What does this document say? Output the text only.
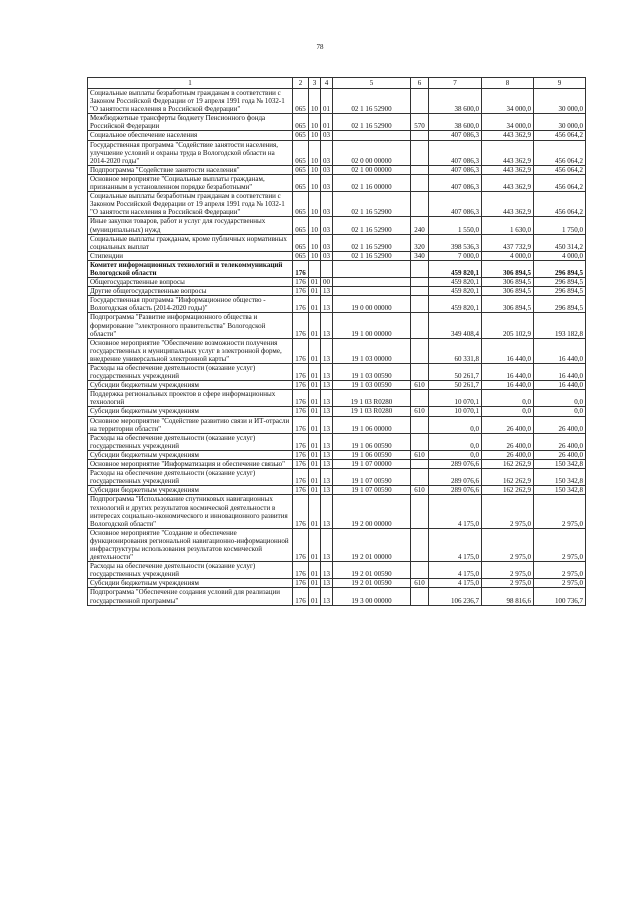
78
1	2	3	4	5	6	7	8	9
Социальные выплаты безработным гражданам в соответствии с Законом Российской Федерации от 19 апреля 1991 года № 1032-1 "О занятости населения в Российской Федерации"	065	10	01	02 1 16 52900		38 600,0	34 000,0	30 000,0
Межбюджетные трансферты бюджету Пенсионного фонда Российской Федерации	065	10	01	02 1 16 52900	570	38 600,0	34 000,0	30 000,0
Социальное обеспечение населения	065	10	03			407 086,3	443 362,9	456 064,2
Государственная программа "Содействие занятости населения, улучшение условий и охраны труда в Вологодской области на 2014-2020 годы"	065	10	03	02 0 00 00000		407 086,3	443 362,9	456 064,2
Подпрограмма "Содействие занятости населения"	065	10	03	02 1 00 00000		407 086,3	443 362,9	456 064,2
Основное мероприятие "Социальные выплаты гражданам, признанным в установленном порядке безработными"	065	10	03	02 1 16 00000		407 086,3	443 362,9	456 064,2
Социальные выплаты безработным гражданам в соответствии с Законом Российской Федерации от 19 апреля 1991 года № 1032-1 "О занятости населения в Российской Федерации"	065	10	03	02 1 16 52900		407 086,3	443 362,9	456 064,2
Иные закупки товаров, работ и услуг для государственных (муниципальных) нужд	065	10	03	02 1 16 52900	240	1 550,0	1 630,0	1 750,0
Социальные выплаты гражданам, кроме публичных нормативных социальных выплат	065	10	03	02 1 16 52900	320	398 536,3	437 732,9	450 314,2
Стипендии	065	10	03	02 1 16 52900	340	7 000,0	4 000,0	4 000,0
Комитет информационных технологий и телекоммуникаций Вологодской области	176					459 820,1	306 894,5	296 894,5
Общегосударственные вопросы	176	01	00			459 820,1	306 894,5	296 894,5
Другие общегосударственные вопросы	176	01	13			459 820,1	306 894,5	296 894,5
Государственная программа "Информационное общество - Вологодская область (2014-2020 годы)"	176	01	13	19 0 00 00000		459 820,1	306 894,5	296 894,5
Подпрограмма "Развитие информационного общества и формирование "электронного правительства" Вологодской области"	176	01	13	19 1 00 00000		349 408,4	205 102,9	193 182,8
Основное мероприятие "Обеспечение возможности получения государственных и муниципальных услуг в электронной форме, внедрение универсальной электронной карты"	176	01	13	19 1 03 00000		60 331,8	16 440,0	16 440,0
Расходы на обеспечение деятельности (оказание услуг) государственных учреждений	176	01	13	19 1 03 00590		50 261,7	16 440,0	16 440,0
Субсидии бюджетным учреждениям	176	01	13	19 1 03 00590	610	50 261,7	16 440,0	16 440,0
Поддержка региональных проектов в сфере информационных технологий	176	01	13	19 1 03 R0280		10 070,1	0,0	0,0
Субсидии бюджетным учреждениям	176	01	13	19 1 03 R0280	610	10 070,1	0,0	0,0
Основное мероприятие "Содействие развитию связи и ИТ-отрасли на территории области"	176	01	13	19 1 06 00000		0,0	26 400,0	26 400,0
Расходы на обеспечение деятельности (оказание услуг) государственных учреждений	176	01	13	19 1 06 00590		0,0	26 400,0	26 400,0
Субсидии бюджетным учреждениям	176	01	13	19 1 06 00590	610	0,0	26 400,0	26 400,0
Основное мероприятие "Информатизация и обеспечение связью"	176	01	13	19 1 07 00000		289 076,6	162 262,9	150 342,8
Расходы на обеспечение деятельности (оказание услуг) государственных учреждений	176	01	13	19 1 07 00590		289 076,6	162 262,9	150 342,8
Субсидии бюджетным учреждениям	176	01	13	19 1 07 00590	610	289 076,6	162 262,9	150 342,8
Подпрограмма "Использование спутниковых навигационных технологий и других результатов космической деятельности в интересах социально-экономического и инновационного развития Вологодской области"	176	01	13	19 2 00 00000		4 175,0	2 975,0	2 975,0
Основное мероприятие "Создание и обеспечение функционирования региональной навигационно-информационной инфраструктуры использования результатов космической деятельности"	176	01	13	19 2 01 00000		4 175,0	2 975,0	2 975,0
Расходы на обеспечение деятельности (оказание услуг) государственных учреждений	176	01	13	19 2 01 00590		4 175,0	2 975,0	2 975,0
Субсидии бюджетным учреждениям	176	01	13	19 2 01 00590	610	4 175,0	2 975,0	2 975,0
Подпрограмма "Обеспечение создания условий для реализации государственной программы"	176	01	13	19 3 00 00000		106 236,7	98 816,6	100 736,7
